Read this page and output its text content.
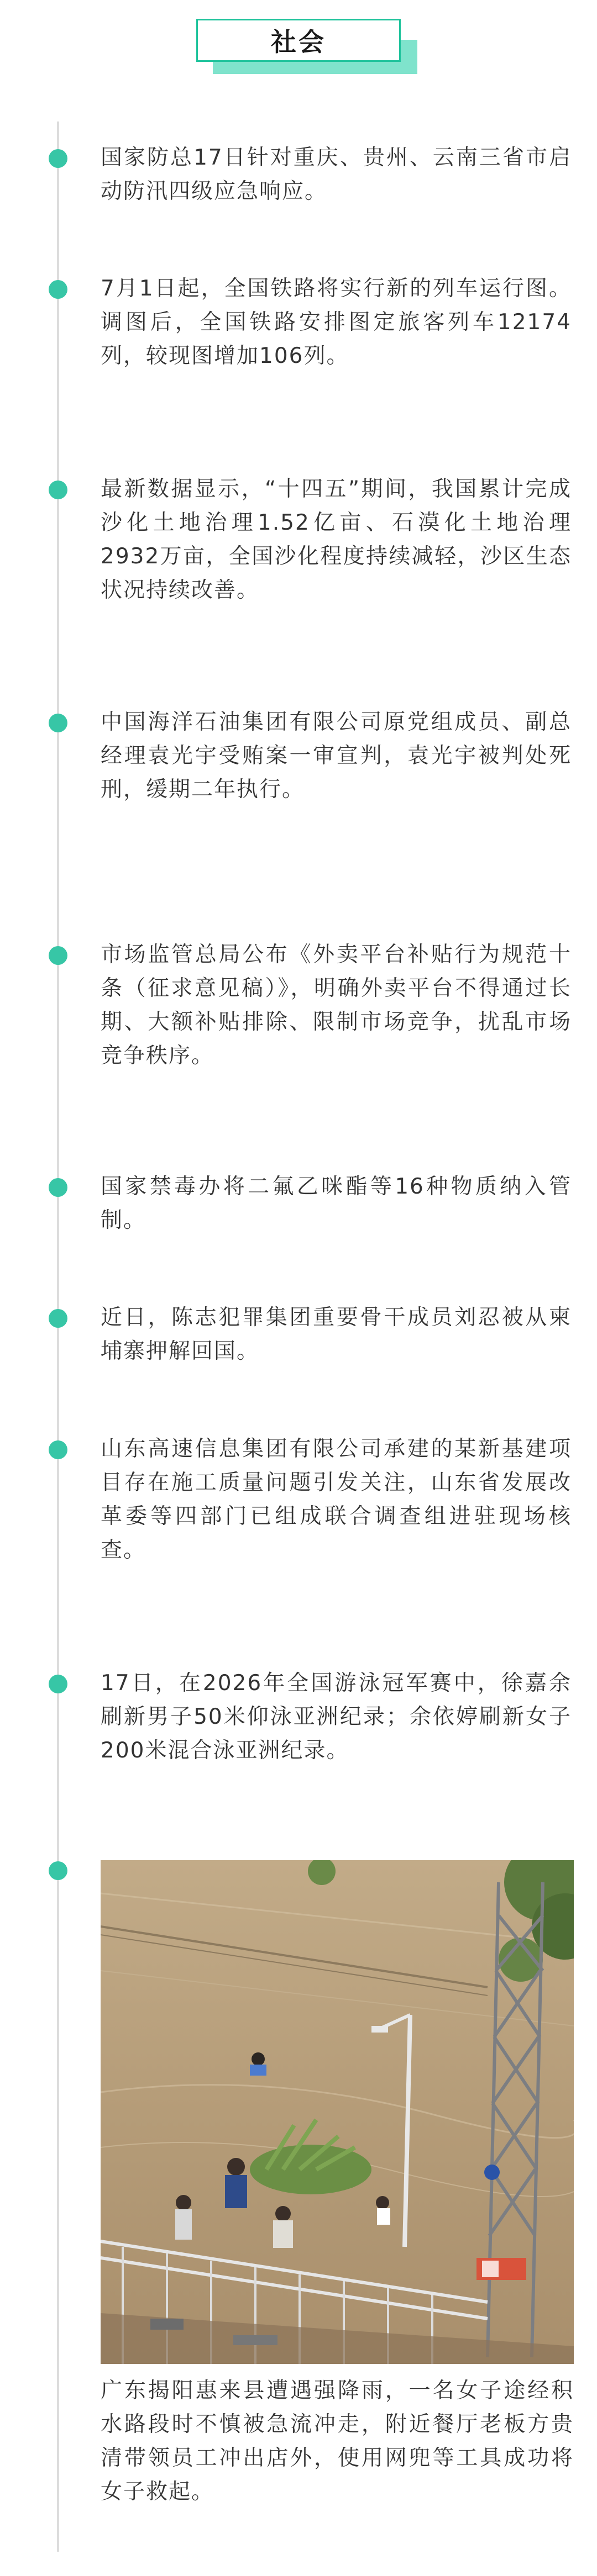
社会
国家防总17日针对重庆、贵州、云南三省市启动防汛四级应急响应。
7月1日起，全国铁路将实行新的列车运行图。调图后，全国铁路安排图定旅客列车12174列，较现图增加106列。
最新数据显示，“十四五”期间，我国累计完成沙化土地治理1.52亿亩、石漠化土地治理2932万亩，全国沙化程度持续减轻，沙区生态状况持续改善。
中国海洋石油集团有限公司原党组成员、副总经理袁光宇受贿案一审宣判，袁光宇被判处死刑，缓期二年执行。
市场监管总局公布《外卖平台补贴行为规范十条（征求意见稿）》，明确外卖平台不得通过长期、大额补贴排除、限制市场竞争，扰乱市场竞争秩序。
国家禁毒办将二氟乙咪酯等16种物质纳入管制。
近日，陈志犯罪集团重要骨干成员刘忍被从柬埔寨押解回国。
山东高速信息集团有限公司承建的某新基建项目存在施工质量问题引发关注，山东省发展改革委等四部门已组成联合调查组进驻现场核查。
17日，在2026年全国游泳冠军赛中，徐嘉余刷新男子50米仰泳亚洲纪录；余依婷刷新女子200米混合泳亚洲纪录。
广东揭阳惠来县遭遇强降雨，一名女子途经积水路段时不慎被急流冲走，附近餐厅老板方贵清带领员工冲出店外，使用网兜等工具成功将女子救起。
